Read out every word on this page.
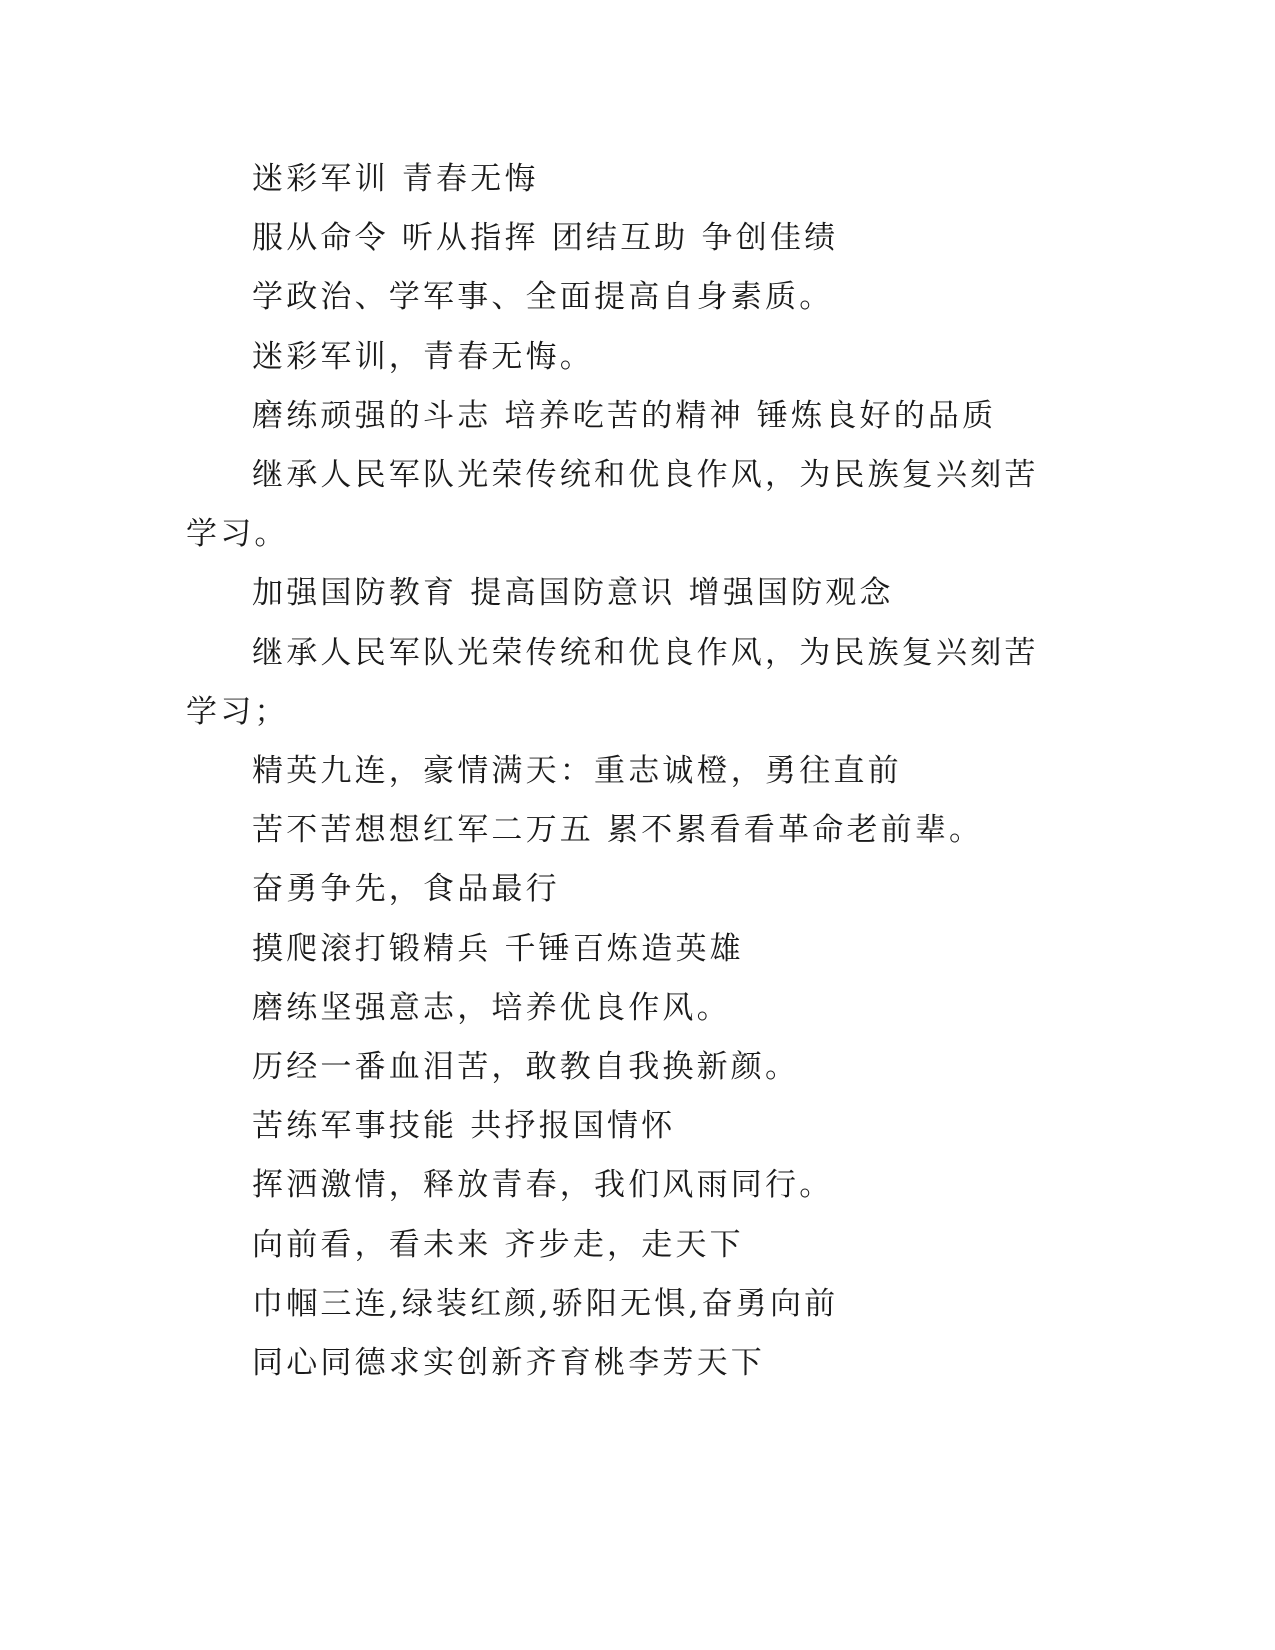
迷彩军训 青春无悔

服从命令 听从指挥 团结互助 争创佳绩

学政治、学军事、全面提高自身素质。

迷彩军训，青春无悔。

磨练顽强的斗志 培养吃苦的精神 锤炼良好的品质

继承人民军队光荣传统和优良作风，为民族复兴刻苦学习。

加强国防教育 提高国防意识 增强国防观念

继承人民军队光荣传统和优良作风，为民族复兴刻苦学习；

精英九连，豪情满天：重志诚橙，勇往直前

苦不苦想想红军二万五 累不累看看革命老前辈。

奋勇争先，食品最行

摸爬滚打锻精兵 千锤百炼造英雄

磨练坚强意志，培养优良作风。

历经一番血泪苦，敢教自我换新颜。

苦练军事技能 共抒报国情怀

挥洒激情，释放青春，我们风雨同行。

向前看，看未来 齐步走，走天下

巾帼三连,绿装红颜,骄阳无惧,奋勇向前

同心同德求实创新齐育桃李芳天下
